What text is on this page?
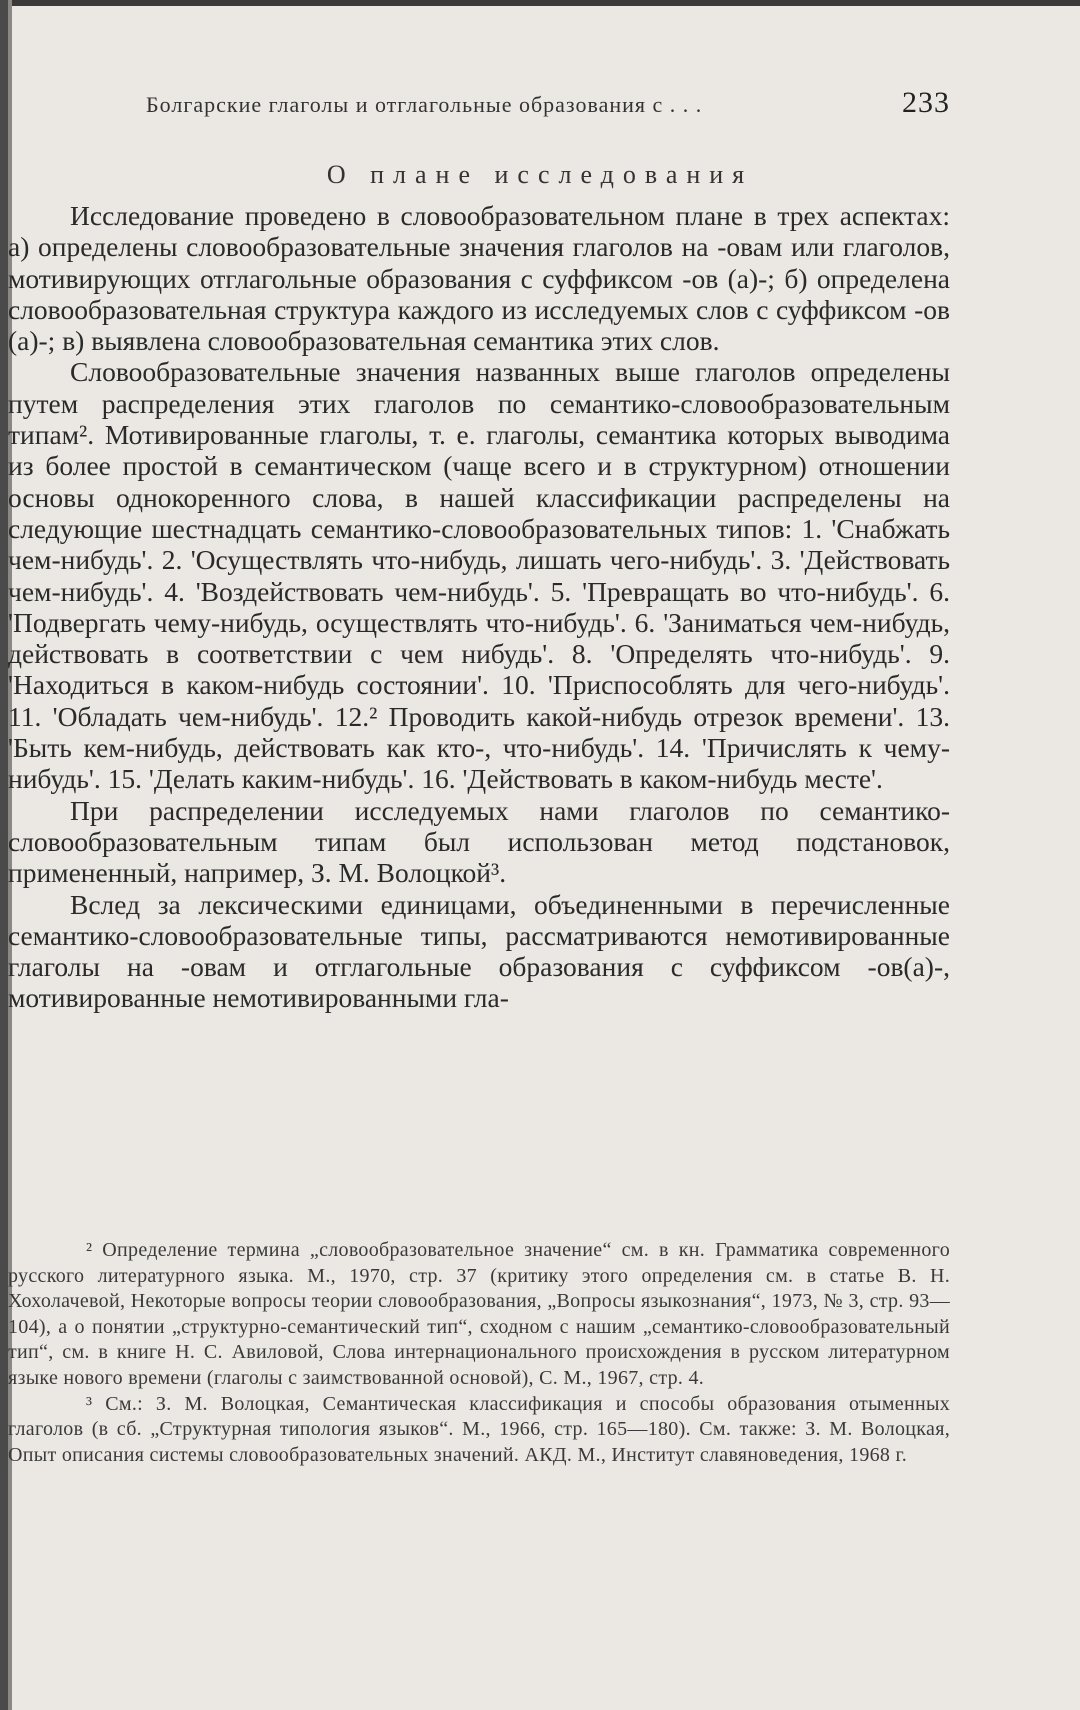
Болгарские глаголы и отглагольные образования с . . .	233
О плане исследования

Исследование проведено в словообразовательном плане в трех аспектах: а) определены словообразовательные значения глаголов на -овам или глаголов, мотивирующих отглагольные образования с суффиксом -ов (а)-; б) определена словообразовательная структура каждого из исследуемых слов с суффиксом -ов (а)-; в) выявлена словообразовательная семантика этих слов.

Словообразовательные значения названных выше глаголов определены путем распределения этих глаголов по семантико-словообразовательным типам². Мотивированные глаголы, т. е. глаголы, семантика которых выводима из более простой в семантическом (чаще всего и в структурном) отношении основы однокоренного слова, в нашей классификации распределены на следующие шестнадцать семантико-словообразовательных типов: 1. 'Снабжать чем-нибудь'. 2. 'Осуществлять что-нибудь, лишать чего-нибудь'. 3. 'Действовать чем-нибудь'. 4. 'Воздействовать чем-нибудь'. 5. 'Превращать во что-нибудь'. 6. 'Подвергать чему-нибудь, осуществлять что-нибудь'. 6. 'Заниматься чем-нибудь, действовать в соответствии с чем нибудь'. 8. 'Определять что-нибудь'. 9. 'Находиться в каком-нибудь состоянии'. 10. 'Приспособлять для чего-нибудь'. 11. 'Обладать чем-нибудь'. 12.² Проводить какой-нибудь отрезок времени'. 13. 'Быть кем-нибудь, действовать как кто-, что-нибудь'. 14. 'Причислять к чему-нибудь'. 15. 'Делать каким-нибудь'. 16. 'Действовать в каком-нибудь месте'.

При распределении исследуемых нами глаголов по семантико-словообразовательным типам был использован метод подстановок, примененный, например, З. М. Волоцкой³.

Вслед за лексическими единицами, объединенными в перечисленные семантико-словообразовательные типы, рассматриваются немотивированные глаголы на -овам и отглагольные образования с суффиксом -ов(а)-, мотивированные немотивированными гла-

² Определение термина „словообразовательное значение“ см. в кн. Грамматика современного русского литературного языка. М., 1970, стр. 37 (критику этого определения см. в статье В. Н. Хохолачевой, Некоторые вопросы теории словообразования, „Вопросы языкознания“, 1973, № 3, стр. 93—104), а о понятии „структурно-семантический тип“, сходном с нашим „семантико-словообразовательный тип“, см. в книге Н. С. Авиловой, Слова интернационального происхождения в русском литературном языке нового времени (глаголы с заимствованной основой), С. М., 1967, стр. 4.

³ См.: З. М. Волоцкая, Семантическая классификация и способы образования отыменных глаголов (в сб. „Структурная типология языков“. М., 1966, стр. 165—180). См. также: З. М. Волоцкая, Опыт описания системы словообразовательных значений. АКД. М., Институт славяноведения, 1968 г.
